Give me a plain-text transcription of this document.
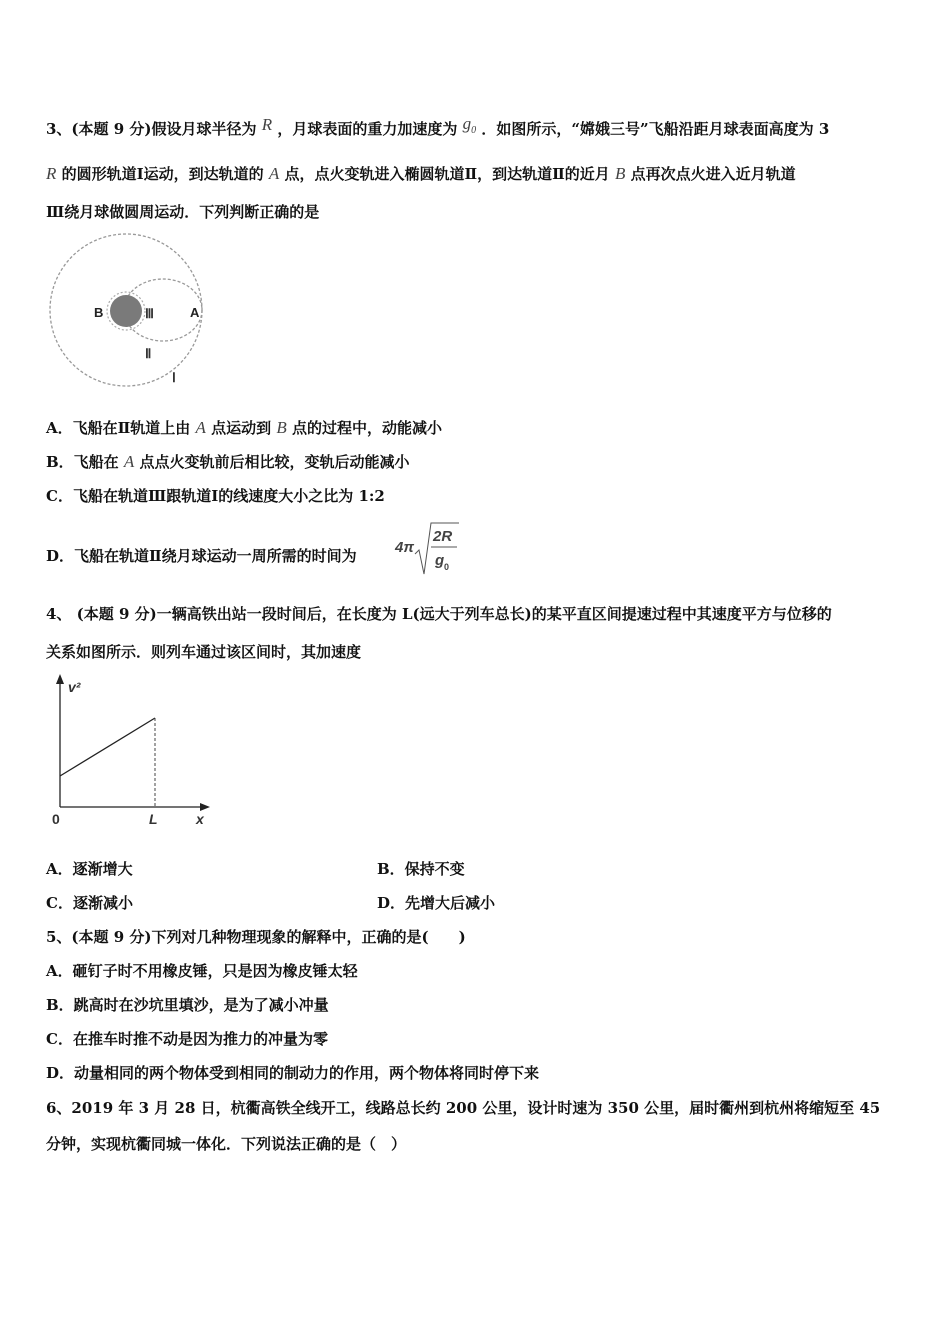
3、(本题 9 分)假设月球半径为 R ，月球表面的重力加速度为 $g_0$ ．如图所示，“嫦娥三号”飞船沿距月球表面高度为 3
R 的圆形轨道Ⅰ运动，到达轨道的 A 点，点火变轨进入椭圆轨道Ⅱ，到达轨道Ⅱ的近月 B 点再次点火进入近月轨道
Ⅲ绕月球做圆周运动．下列判断正确的是
B	Ⅲ	A
Ⅱ
Ⅰ
A．飞船在Ⅱ轨道上由 A 点运动到 B 点的过程中，动能减小
B．飞船在 A 点点火变轨前后相比较，变轨后动能减小
C．飞船在轨道Ⅲ跟轨道Ⅰ的线速度大小之比为 1:2
D．飞船在轨道Ⅱ绕月球运动一周所需的时间为	4π
2R
g 0
4、 (本题 9 分)一辆高铁出站一段时间后，在长度为 L(远大于列车总长)的某平直区间提速过程中其速度平方与位移的
关系如图所示．则列车通过该区间时，其加速度
v²
0	L	x
A．逐渐增大	B．保持不变
C．逐渐减小	D．先增大后减小
5、(本题 9 分)下列对几种物理现象的解释中，正确的是(　　)
A．砸钉子时不用橡皮锤，只是因为橡皮锤太轻
B．跳高时在沙坑里填沙，是为了减小冲量
C．在推车时推不动是因为推力的冲量为零
D．动量相同的两个物体受到相同的制动力的作用，两个物体将同时停下来
6、2019 年 3 月 28 日，杭衢高铁全线开工，线路总长约 200 公里，设计时速为 350 公里，届时衢州到杭州将缩短至 45
分钟，实现杭衢同城一体化．下列说法正确的是（　）
